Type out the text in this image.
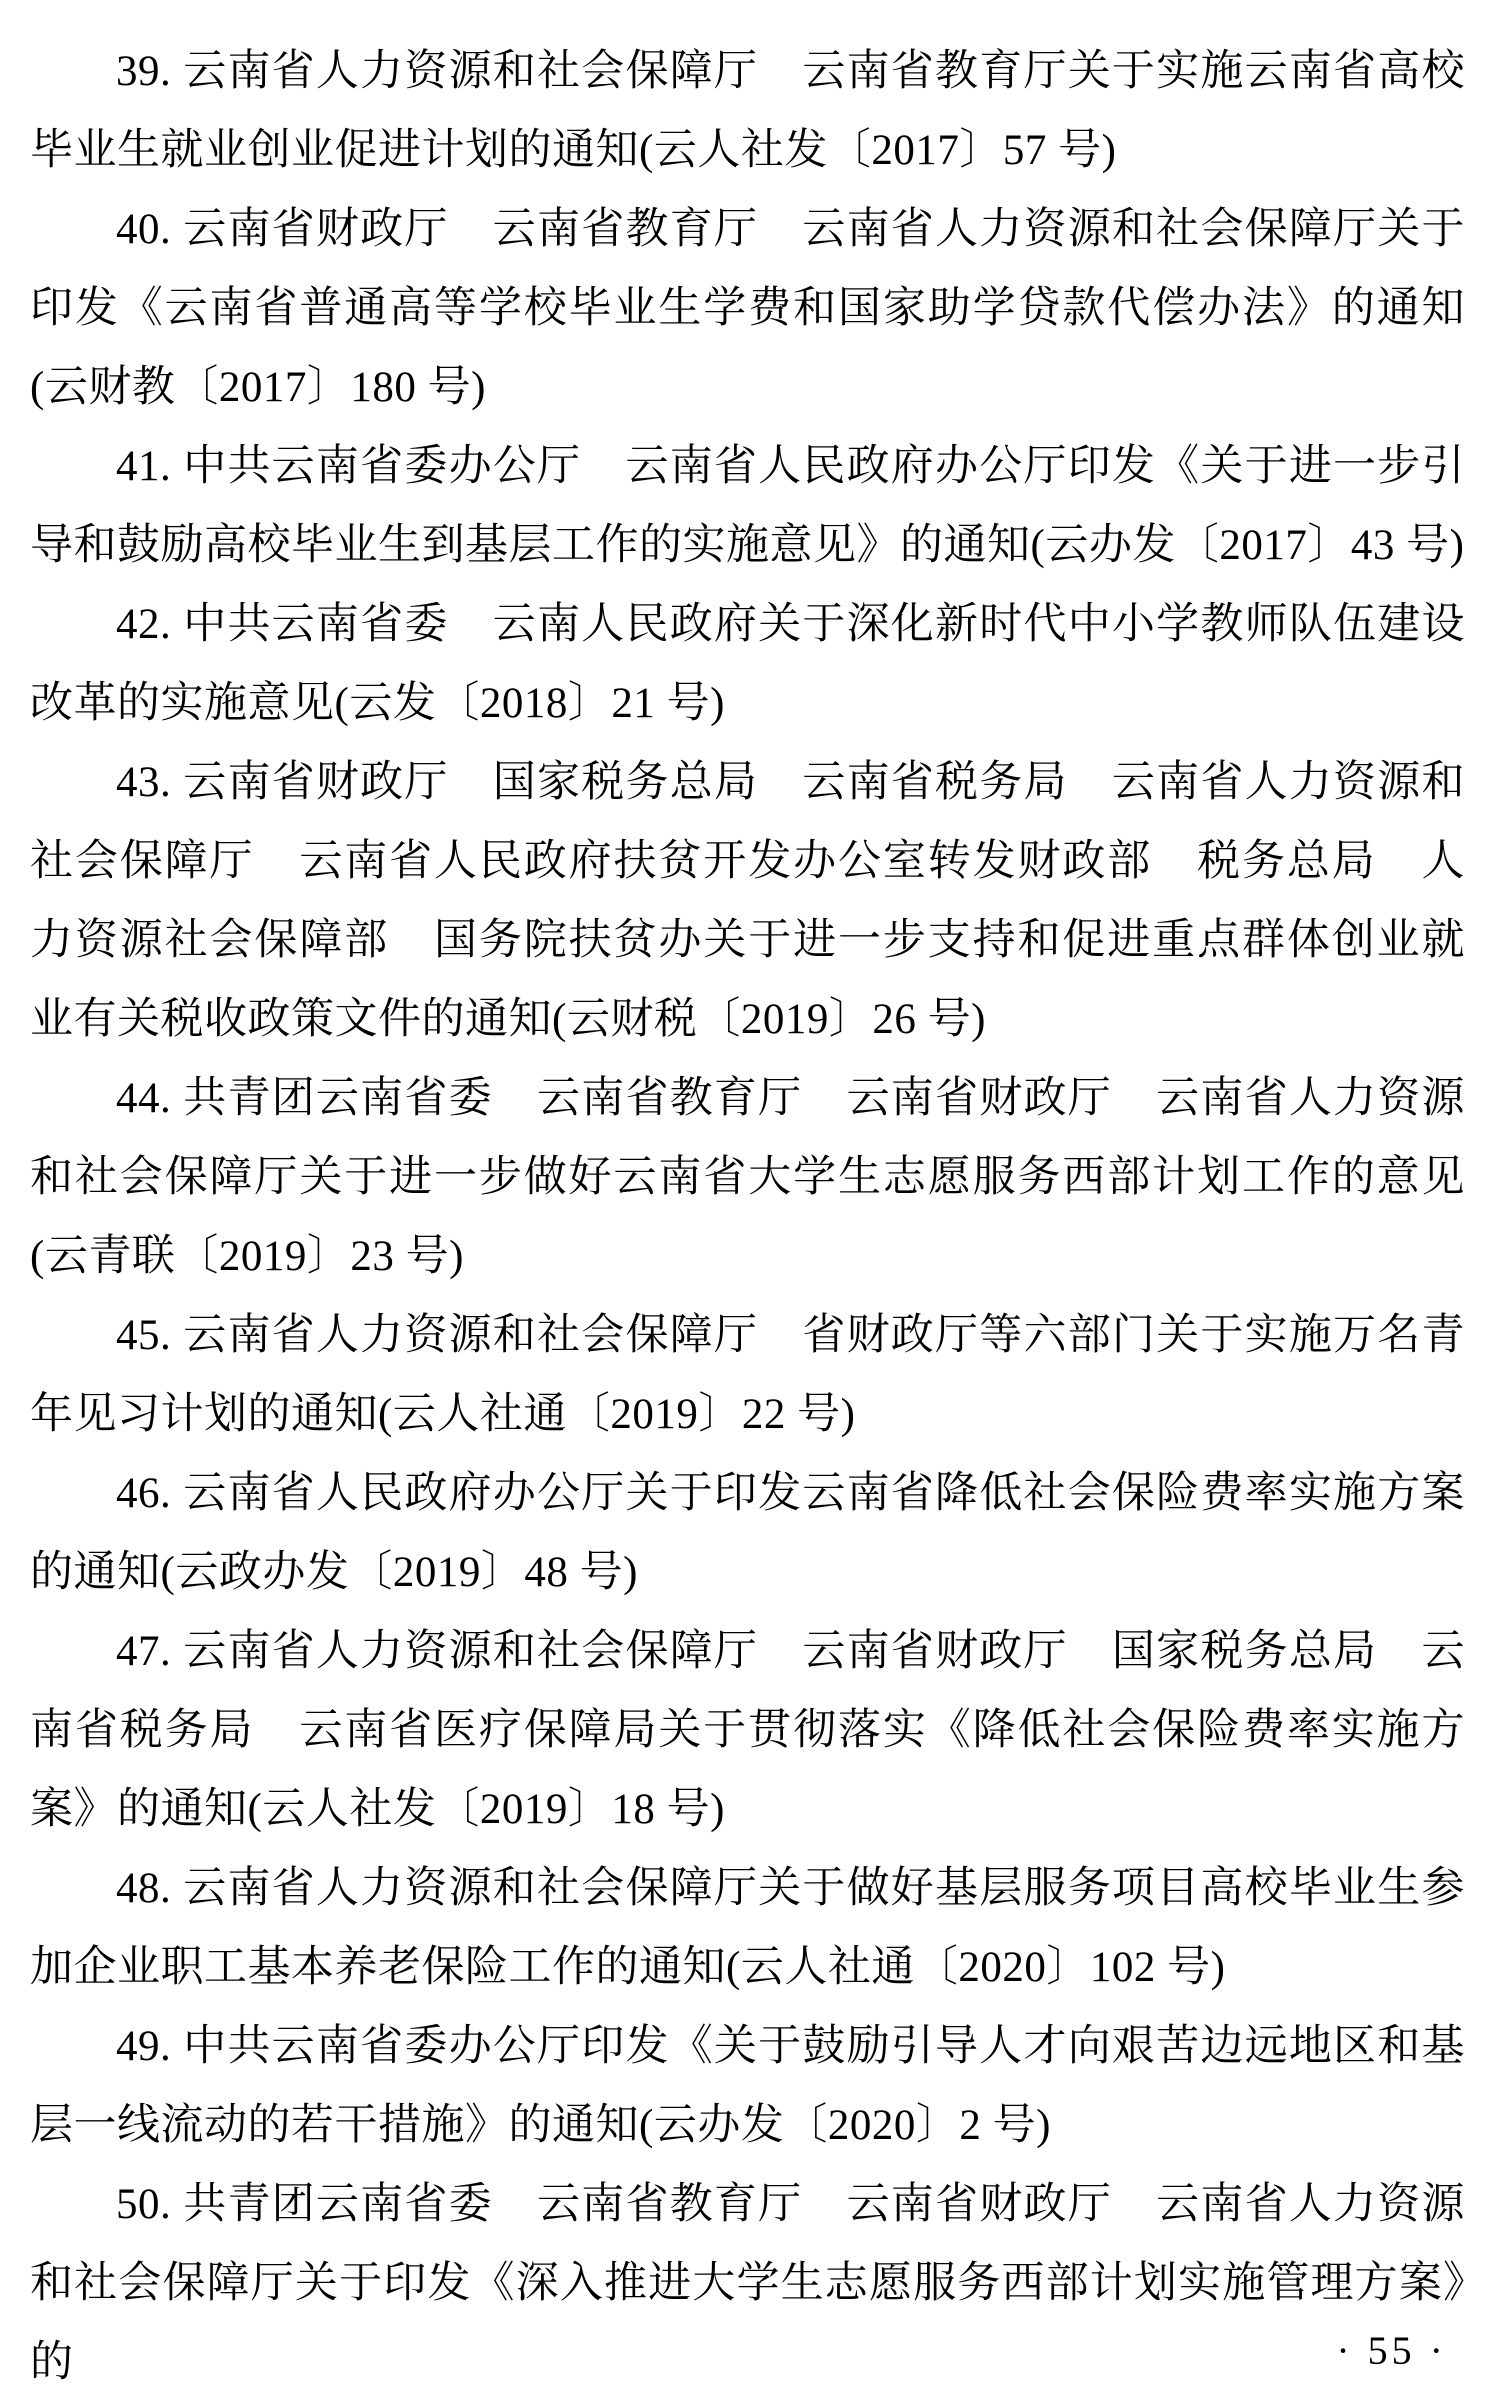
39. 云南省人力资源和社会保障厅　云南省教育厅关于实施云南省高校毕业生就业创业促进计划的通知(云人社发〔2017〕57 号)

40. 云南省财政厅　云南省教育厅　云南省人力资源和社会保障厅关于印发《云南省普通高等学校毕业生学费和国家助学贷款代偿办法》的通知(云财教〔2017〕180 号)

41. 中共云南省委办公厅　云南省人民政府办公厅印发《关于进一步引导和鼓励高校毕业生到基层工作的实施意见》的通知(云办发〔2017〕43 号)

42. 中共云南省委　云南人民政府关于深化新时代中小学教师队伍建设改革的实施意见(云发〔2018〕21 号)

43. 云南省财政厅　国家税务总局　云南省税务局　云南省人力资源和社会保障厅　云南省人民政府扶贫开发办公室转发财政部　税务总局　人力资源社会保障部　国务院扶贫办关于进一步支持和促进重点群体创业就业有关税收政策文件的通知(云财税〔2019〕26 号)

44. 共青团云南省委　云南省教育厅　云南省财政厅　云南省人力资源和社会保障厅关于进一步做好云南省大学生志愿服务西部计划工作的意见(云青联〔2019〕23 号)

45. 云南省人力资源和社会保障厅　省财政厅等六部门关于实施万名青年见习计划的通知(云人社通〔2019〕22 号)

46. 云南省人民政府办公厅关于印发云南省降低社会保险费率实施方案的通知(云政办发〔2019〕48 号)

47. 云南省人力资源和社会保障厅　云南省财政厅　国家税务总局　云南省税务局　云南省医疗保障局关于贯彻落实《降低社会保险费率实施方案》的通知(云人社发〔2019〕18 号)

48. 云南省人力资源和社会保障厅关于做好基层服务项目高校毕业生参加企业职工基本养老保险工作的通知(云人社通〔2020〕102 号)

49. 中共云南省委办公厅印发《关于鼓励引导人才向艰苦边远地区和基层一线流动的若干措施》的通知(云办发〔2020〕2 号)

50. 共青团云南省委　云南省教育厅　云南省财政厅　云南省人力资源和社会保障厅关于印发《深入推进大学生志愿服务西部计划实施管理方案》的	· 55 ·
